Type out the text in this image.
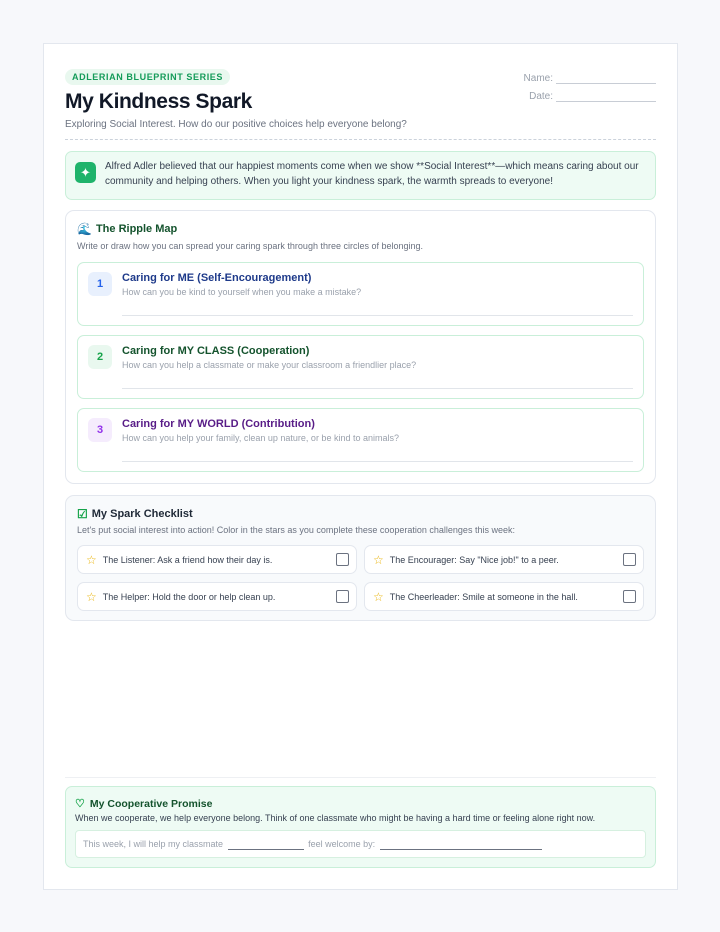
ADLERIAN BLUEPRINT SERIES
My Kindness Spark
Exploring Social Interest. How do our positive choices help everyone belong?
Name:
Date:
✦	Alfred Adler believed that our happiest moments come when we show **Social Interest**—which means caring about our community and helping others. When you light your kindness spark, the warmth spreads to everyone!
🌊 The Ripple Map
Write or draw how you can spread your caring spark through three circles of belonging.
1	Caring for ME (Self-Encouragement)
How can you be kind to yourself when you make a mistake?
2	Caring for MY CLASS (Cooperation)
How can you help a classmate or make your classroom a friendlier place?
3	Caring for MY WORLD (Contribution)
How can you help your family, clean up nature, or be kind to animals?
☑ My Spark Checklist
Let's put social interest into action! Color in the stars as you complete these cooperation challenges this week:
☆ The Listener: Ask a friend how their day is.	☆ The Encourager: Say "Nice job!" to a peer.
☆ The Helper: Hold the door or help clean up.	☆ The Cheerleader: Smile at someone in the hall.
♡ My Cooperative Promise
When we cooperate, we help everyone belong. Think of one classmate who might be having a hard time or feeling alone right now.
This week, I will help my classmate	feel welcome by:
